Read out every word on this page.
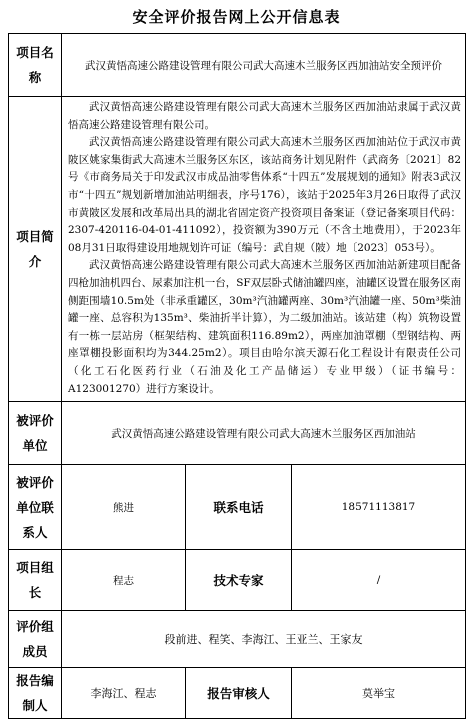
安全评价报告网上公开信息表
项目名称	武汉黄悟高速公路建设管理有限公司武大高速木兰服务区西加油站安全预评价		
项目简介	武汉黄悟高速公路建设管理有限公司武大高速木兰服务区西加油站隶属于武汉黄悟高速公路建设管理有限公司。

武汉黄悟高速公路建设管理有限公司武大高速木兰服务区西加油站位于武汉市黄陂区姚家集街武大高速木兰服务区东区，该站商务计划见附件（武商务〔2021〕82号《市商务局关于印发武汉市成品油零售体系“十四五”发展规划的通知》附表3武汉市“十四五”规划新增加油站明细表，序号176），该站于2025年3月26日取得了武汉市黄陂区发展和改革局出具的湖北省固定资产投资项目备案证（登记备案项目代码：2307-420116-04-01-411092），投资额为390万元（不含土地费用），于2023年08月31日取得建设用地规划许可证（编号：武自规（陂）地〔2023〕053号）。

武汉黄悟高速公路建设管理有限公司武大高速木兰服务区西加油站新建项目配备四枪加油机四台、尿素加注机一台，SF双层卧式储油罐四座，油罐区设置在服务区南侧距围墙10.5m处（非承重罐区，30m³汽油罐两座、30m³汽油罐一座、50m³柴油罐一座、总容积为135m³、柴油折半计算），为二级加油站。该站建（构）筑物设置有一栋一层站房（框架结构、建筑面积116.89m2），两座加油罩棚（型钢结构、两座罩棚投影面积均为344.25m2）。项目由哈尔滨天源石化工程设计有限责任公司（化工石化医药行业（石油及化工产品储运）专业甲级）（证书编号：A123001270）进行方案设计。		

被评价单位	武汉黄悟高速公路建设管理有限公司武大高速木兰服务区西加油站		
被评价单位联系人	熊进	联系电话	18571113817
项目组长	程志	技术专家	/
评价组成员	段前进、程笑、李海江、王亚兰、王家友		
报告编制人	李海江、程志	报告审核人	莫举宝
